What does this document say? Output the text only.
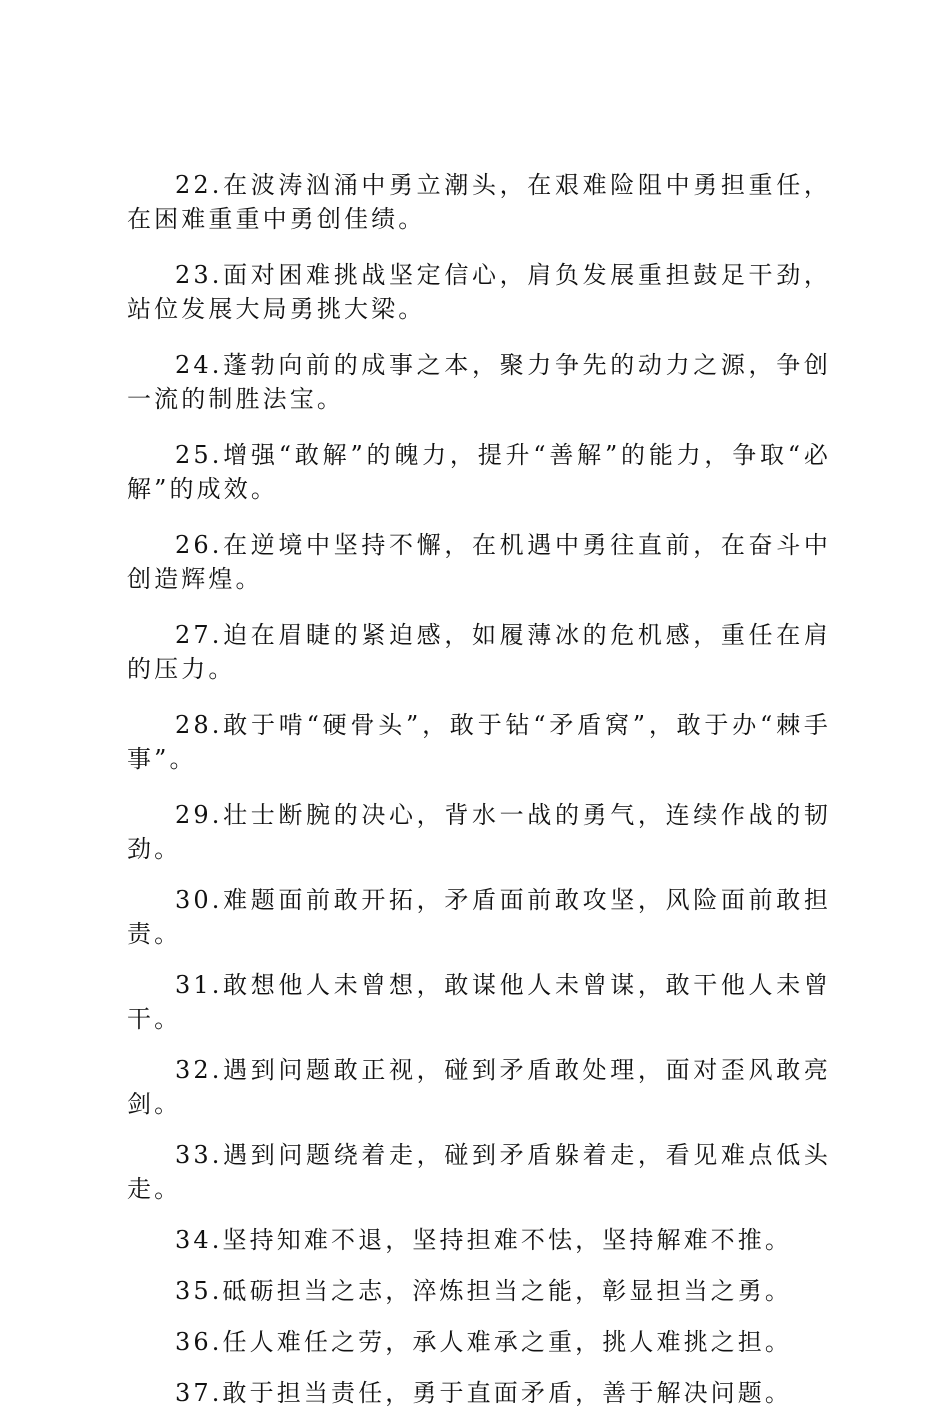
22.在波涛汹涌中勇立潮头，在艰难险阻中勇担重任，在困难重重中勇创佳绩。

23.面对困难挑战坚定信心，肩负发展重担鼓足干劲，站位发展大局勇挑大梁。

24.蓬勃向前的成事之本，聚力争先的动力之源，争创一流的制胜法宝。

25.增强“敢解”的魄力，提升“善解”的能力，争取“必解”的成效。

26.在逆境中坚持不懈，在机遇中勇往直前，在奋斗中创造辉煌。

27.迫在眉睫的紧迫感，如履薄冰的危机感，重任在肩的压力。

28.敢于啃“硬骨头”，敢于钻“矛盾窝”，敢于办“棘手事”。

29.壮士断腕的决心，背水一战的勇气，连续作战的韧劲。

30.难题面前敢开拓，矛盾面前敢攻坚，风险面前敢担责。

31.敢想他人未曾想，敢谋他人未曾谋，敢干他人未曾干。

32.遇到问题敢正视，碰到矛盾敢处理，面对歪风敢亮剑。

33.遇到问题绕着走，碰到矛盾躲着走，看见难点低头走。

34.坚持知难不退，坚持担难不怯，坚持解难不推。

35.砥砺担当之志，淬炼担当之能，彰显担当之勇。

36.任人难任之劳，承人难承之重，挑人难挑之担。

37.敢于担当责任，勇于直面矛盾，善于解决问题。
